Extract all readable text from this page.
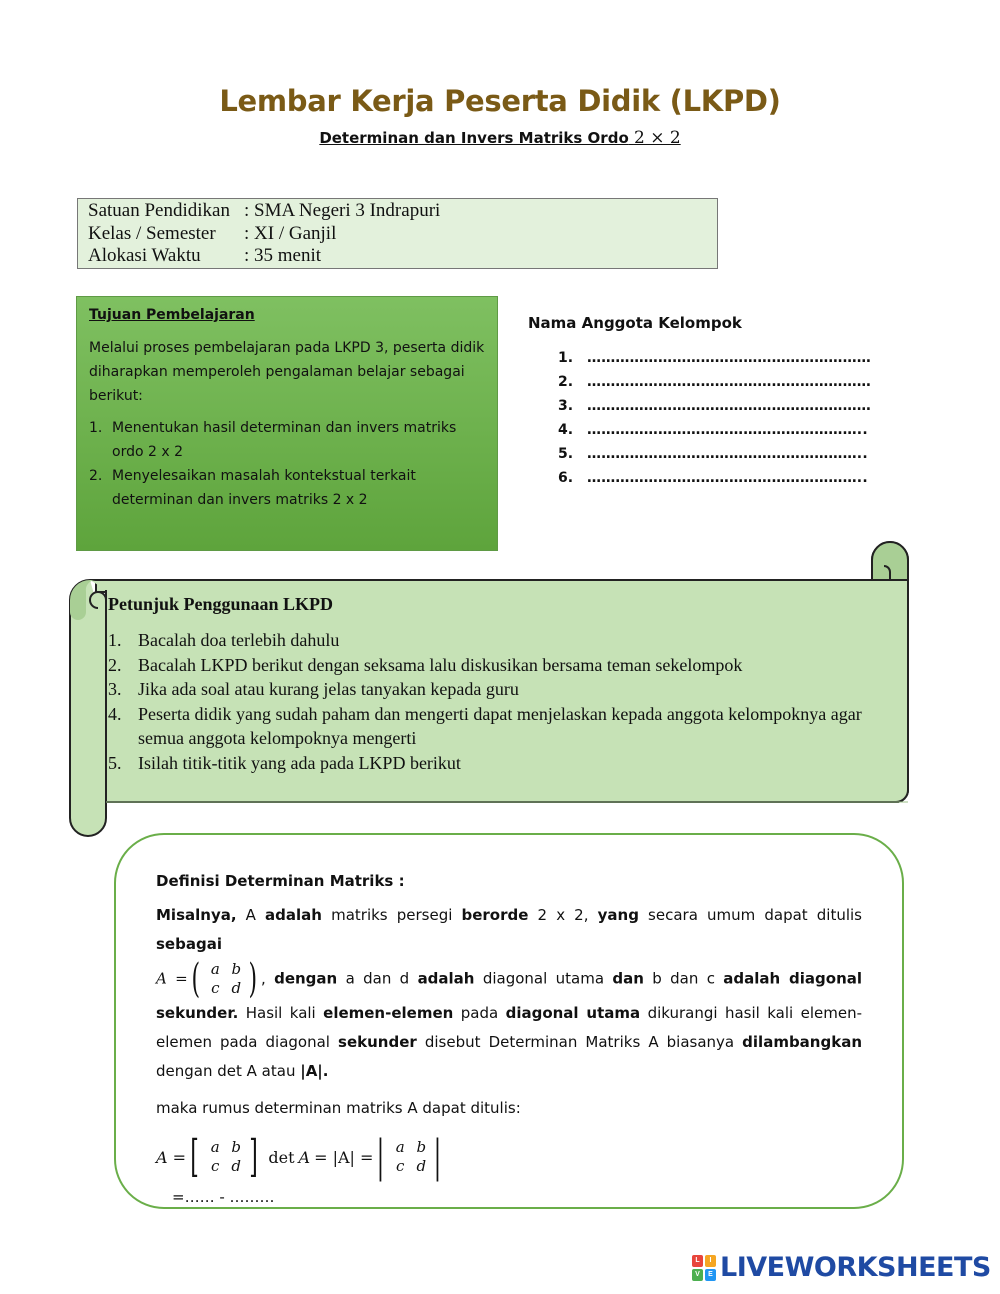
Lembar Kerja Peserta Didik (LKPD)
Determinan dan Invers Matriks Ordo 2 × 2
Satuan Pendidikan : SMA Negeri 3 Indrapuri
Kelas / Semester	: XI / Ganjil
Alokasi Waktu	: 35 menit
Tujuan Pembelajaran

Melalui proses pembelajaran pada LKPD 3, peserta didik diharapkan memperoleh pengalaman belajar sebagai berikut:

1. Menentukan hasil determinan dan invers matriks ordo 2 x 2
2. Menyelesaikan masalah kontekstual terkait determinan dan invers matriks 2 x 2
Nama Anggota Kelompok
1. ……………………………………………………
2. ……………………………………………………
3. ……………………………………………………
4. …………………………………………………..
5. …………………………………………………..
6. …………………………………………………..
Petunjuk Penggunaan LKPD
1. Bacalah doa terlebih dahulu
2. Bacalah LKPD berikut dengan seksama lalu diskusikan bersama teman sekelompok
3. Jika ada soal atau kurang jelas tanyakan kepada guru
4. Peserta didik yang sudah paham dan mengerti dapat menjelaskan kepada anggota kelompoknya agar semua anggota kelompoknya mengerti
5. Isilah titik-titik yang ada pada LKPD berikut
Definisi Determinan Matriks :
Misalnya, A adalah matriks persegi berorde 2 x 2, yang secara umum dapat ditulis sebagai
A = ( a b
c d ) , dengan a dan d adalah diagonal utama dan b dan c adalah diagonal sekunder. Hasil kali elemen-elemen pada diagonal utama dikurangi hasil kali elemen-elemen pada diagonal sekunder disebut Determinan Matriks A biasanya dilambangkan dengan det A atau |A|.
maka rumus determinan matriks A dapat ditulis:
A = [ a b
c d ] det A = |A| = | a b
c d |
=…… - ………
L	I
V	E LIVEWORKSHEETS
